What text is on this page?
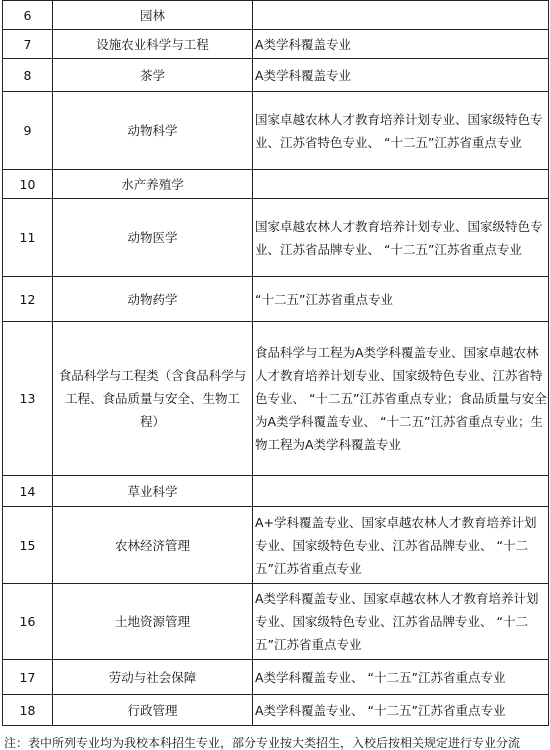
6	园林	
7	设施农业科学与工程	A类学科覆盖专业
8	茶学	A类学科覆盖专业
9	动物科学	国家卓越农林人才教育培养计划专业、国家级特色专业、江苏省特色专业、 “十二五”江苏省重点专业
10	水产养殖学	
11	动物医学	国家卓越农林人才教育培养计划专业、国家级特色专业、江苏省品牌专业、 “十二五”江苏省重点专业
12	动物药学	“十二五”江苏省重点专业
13	食品科学与工程类（含食品科学与工程、食品质量与安全、生物工程）	食品科学与工程为A类学科覆盖专业、国家卓越农林人才教育培养计划专业、国家级特色专业、江苏省特色专业、 “十二五”江苏省重点专业；食品质量与安全为A类学科覆盖专业、 “十二五”江苏省重点专业；生物工程为A类学科覆盖专业
14	草业科学	
15	农林经济管理	A+学科覆盖专业、国家卓越农林人才教育培养计划专业、国家级特色专业、江苏省品牌专业、 “十二五”江苏省重点专业
16	土地资源管理	A类学科覆盖专业、国家卓越农林人才教育培养计划专业、国家级特色专业、江苏省品牌专业、 “十二五”江苏省重点专业
17	劳动与社会保障	A类学科覆盖专业、 “十二五”江苏省重点专业
18	行政管理	A类学科覆盖专业、 “十二五”江苏省重点专业
注：表中所列专业均为我校本科招生专业，部分专业按大类招生，入校后按相关规定进行专业分流
